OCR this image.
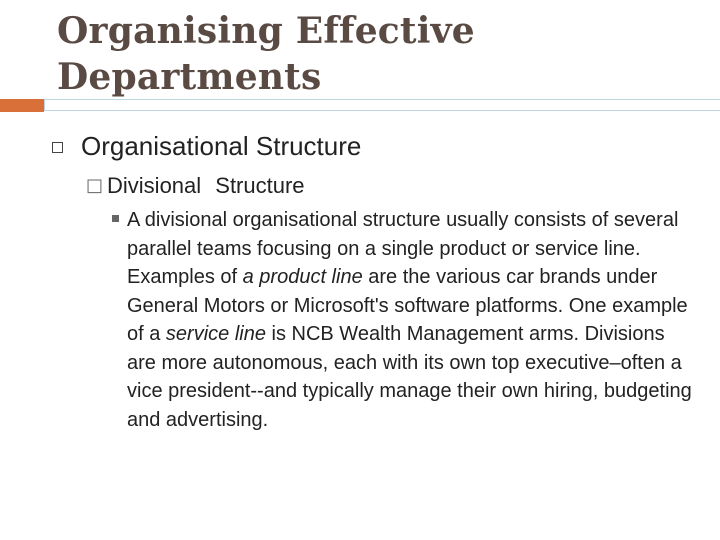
Organising Effective Departments
Organisational Structure
□ Divisional Structure

A divisional organisational structure usually consists of several parallel teams focusing on a single product or service line. Examples of a product line are the various car brands under General Motors or Microsoft's software platforms. One example of a service line is NCB Wealth Management arms. Divisions are more autonomous, each with its own top executive–often a vice president--and typically manage their own hiring, budgeting and advertising.
